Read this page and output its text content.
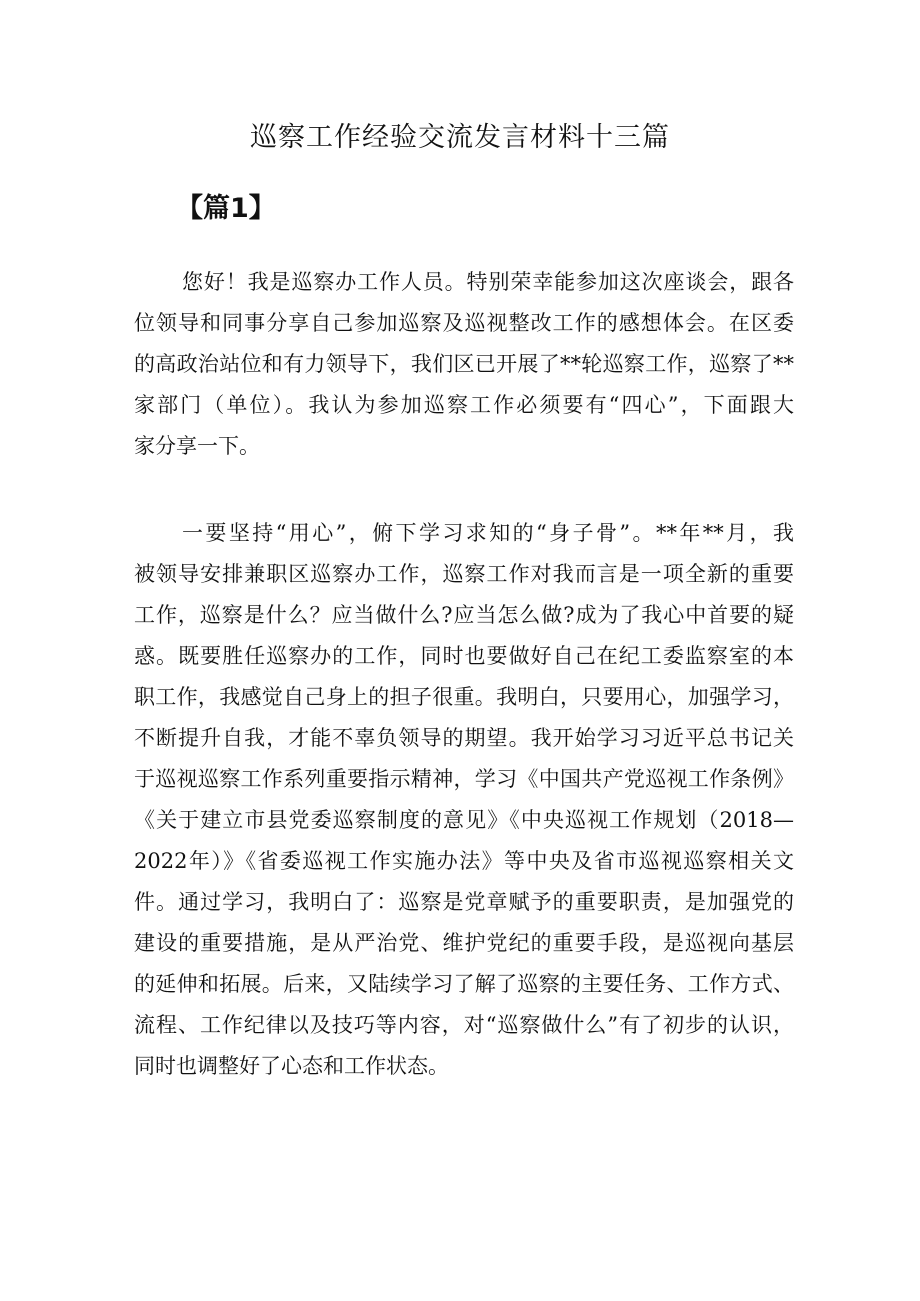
巡察工作经验交流发言材料十三篇
【篇1】
您好！我是巡察办工作人员。特别荣幸能参加这次座谈会，跟各
位领导和同事分享自己参加巡察及巡视整改工作的感想体会。在区委
的高政治站位和有力领导下，我们区已开展了**轮巡察工作，巡察了**
家部门（单位）。我认为参加巡察工作必须要有“四心”，下面跟大
家分享一下。
一要坚持“用心”，俯下学习求知的“身子骨”。**年**月，我
被领导安排兼职区巡察办工作，巡察工作对我而言是一项全新的重要
工作，巡察是什么？应当做什么?应当怎么做?成为了我心中首要的疑
惑。既要胜任巡察办的工作，同时也要做好自己在纪工委监察室的本
职工作，我感觉自己身上的担子很重。我明白，只要用心，加强学习，
不断提升自我，才能不辜负领导的期望。我开始学习习近平总书记关
于巡视巡察工作系列重要指示精神，学习《中国共产党巡视工作条例》
《关于建立市县党委巡察制度的意见》《中央巡视工作规划（2018—
2022年）》《省委巡视工作实施办法》等中央及省市巡视巡察相关文
件。通过学习，我明白了：巡察是党章赋予的重要职责，是加强党的
建设的重要措施，是从严治党、维护党纪的重要手段，是巡视向基层
的延伸和拓展。后来，又陆续学习了解了巡察的主要任务、工作方式、
流程、工作纪律以及技巧等内容，对“巡察做什么”有了初步的认识，
同时也调整好了心态和工作状态。
